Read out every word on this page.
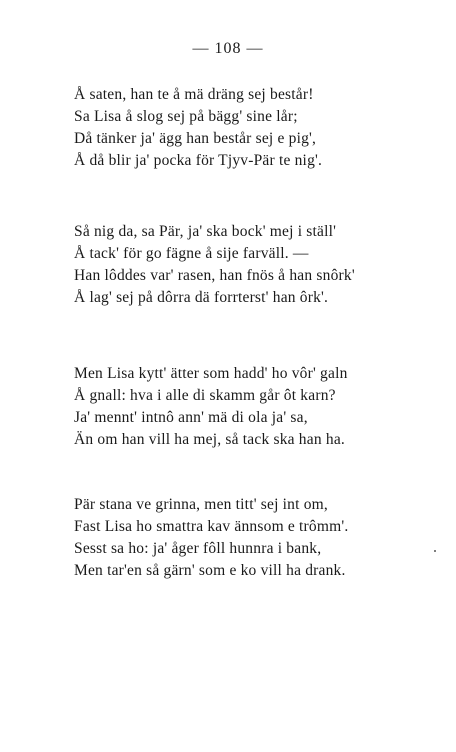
— 108 —
Å saten, han te å mä dräng sej består!
Sa Lisa å slog sej på bägg' sine lår;
Då tänker ja' ägg han består sej e pig',
Å då blir ja' pocka för Tjyv-Pär te nig'.
Så nig da, sa Pär, ja' ska bock' mej i ställ'
Å tack' för go fägne å sije farväll. —
Han lôddes var' rasen, han fnös å han snôrk'
Å lag' sej på dôrra dä forrterst' han ôrk'.
Men Lisa kytt' ätter som hadd' ho vôr' galn
Å gnall: hva i alle di skamm går ôt karn?
Ja' mennt' intnô ann' mä di ola ja' sa,
Än om han vill ha mej, så tack ska han ha.
Pär stana ve grinna, men titt' sej int om,
Fast Lisa ho smattra kav ännsom e trômm'.
Sesst sa ho: ja' åger fôll hunnra i bank,
Men tar'en så gärn' som e ko vill ha drank.
